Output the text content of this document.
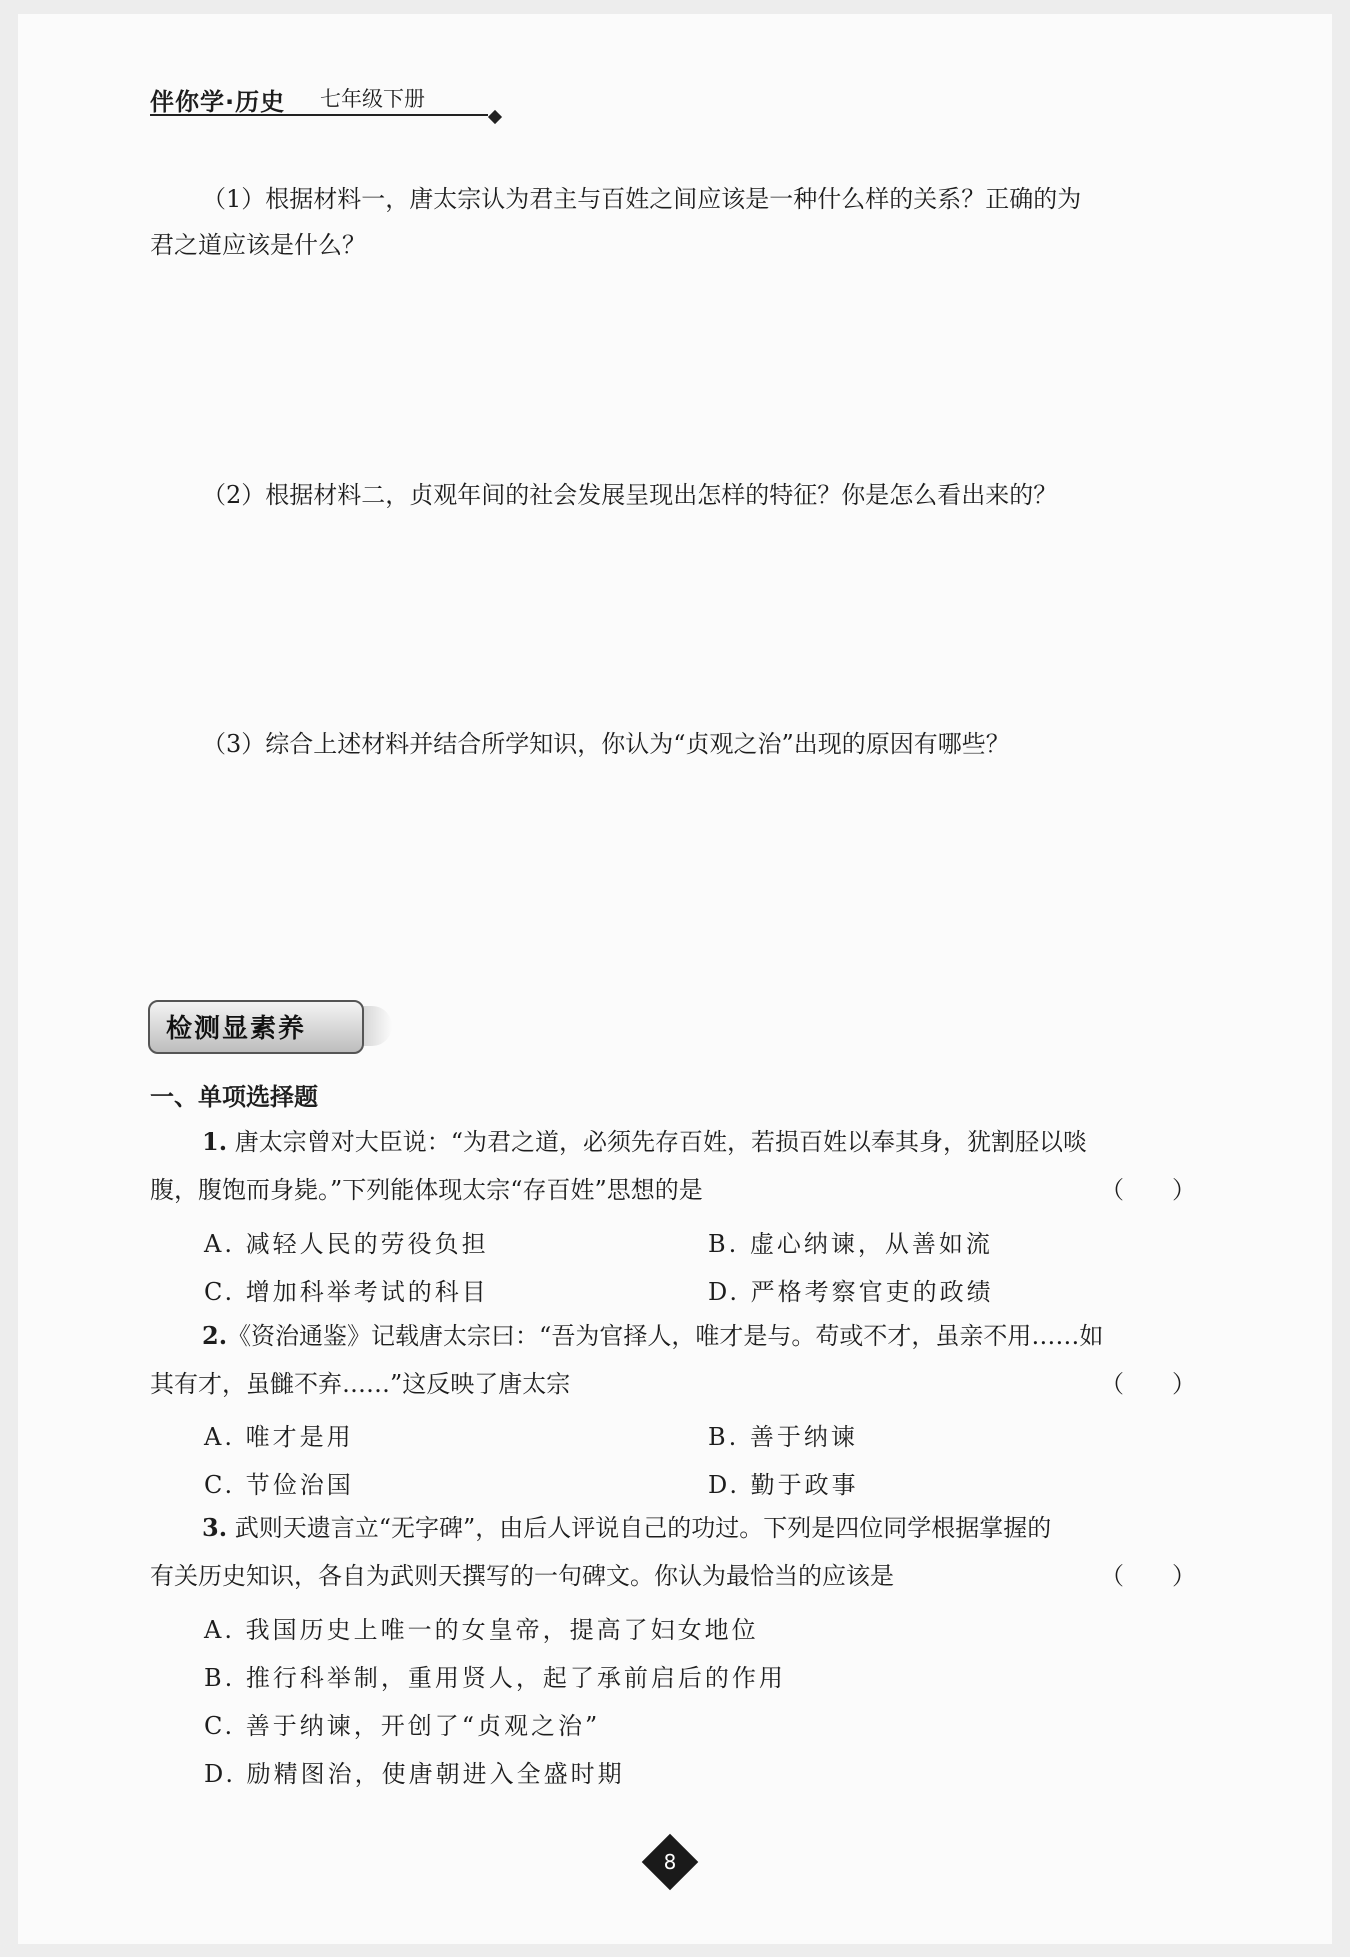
伴你学·历史 七年级下册
（1）根据材料一，唐太宗认为君主与百姓之间应该是一种什么样的关系？正确的为
君之道应该是什么？
（2）根据材料二，贞观年间的社会发展呈现出怎样的特征？你是怎么看出来的？
（3）综合上述材料并结合所学知识，你认为“贞观之治”出现的原因有哪些？
检测显素养
一、单项选择题
1. 唐太宗曾对大臣说：“为君之道，必须先存百姓，若损百姓以奉其身，犹割胫以啖
腹，腹饱而身毙。”下列能体现太宗“存百姓”思想的是	（　　）
A. 减轻人民的劳役负担	B. 虚心纳谏，从善如流
C. 增加科举考试的科目	D. 严格考察官吏的政绩
2.《资治通鉴》记载唐太宗曰：“吾为官择人，唯才是与。苟或不才，虽亲不用……如
其有才，虽雠不弃……”这反映了唐太宗	（　　）
A. 唯才是用	B. 善于纳谏
C. 节俭治国	D. 勤于政事
3. 武则天遗言立“无字碑”，由后人评说自己的功过。下列是四位同学根据掌握的
有关历史知识，各自为武则天撰写的一句碑文。你认为最恰当的应该是	（　　）
A. 我国历史上唯一的女皇帝，提高了妇女地位
B. 推行科举制，重用贤人，起了承前启后的作用
C. 善于纳谏，开创了“贞观之治”
D. 励精图治，使唐朝进入全盛时期
8
